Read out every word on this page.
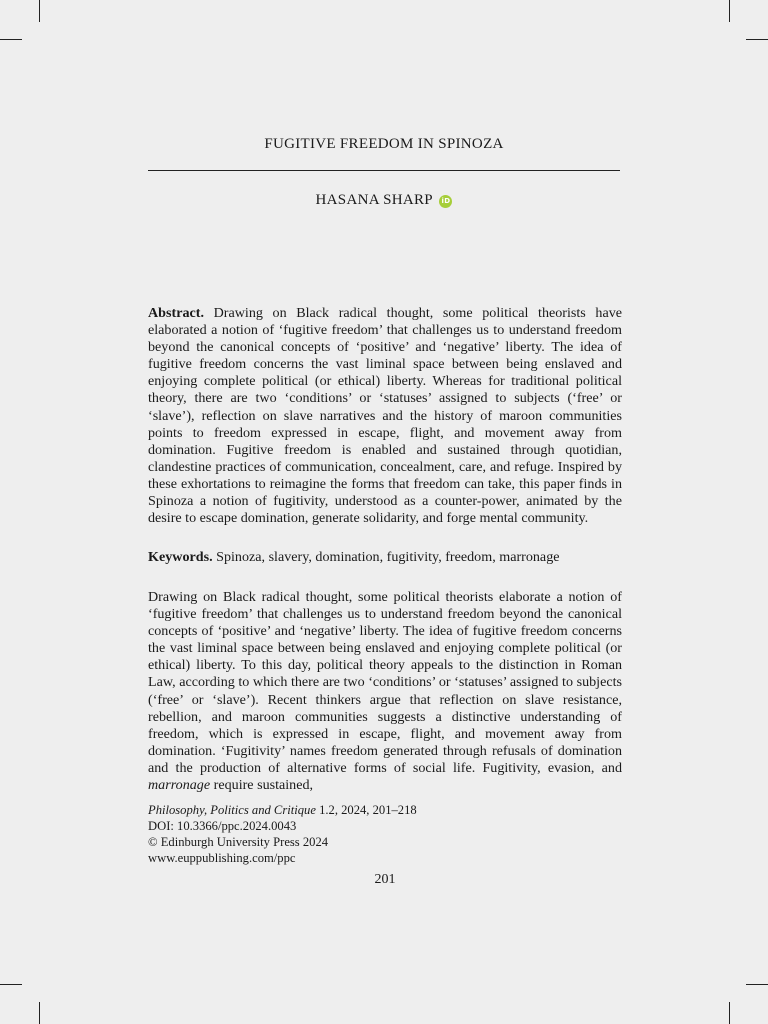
FUGITIVE FREEDOM IN SPINOZA
HASANA SHARP iD
Abstract. Drawing on Black radical thought, some political theorists have elaborated a notion of ‘fugitive freedom’ that challenges us to understand freedom beyond the canonical concepts of ‘positive’ and ‘negative’ liberty. The idea of fugitive freedom concerns the vast liminal space between being enslaved and enjoying complete political (or ethical) liberty. Whereas for traditional political theory, there are two ‘conditions’ or ‘statuses’ assigned to subjects (‘free’ or ‘slave’), reflection on slave narratives and the history of maroon communities points to freedom expressed in escape, flight, and movement away from domination. Fugitive freedom is enabled and sustained through quotidian, clandestine practices of communication, concealment, care, and refuge. Inspired by these exhortations to reimagine the forms that freedom can take, this paper finds in Spinoza a notion of fugitivity, understood as a counter-power, animated by the desire to escape domination, generate solidarity, and forge mental community.
Keywords. Spinoza, slavery, domination, fugitivity, freedom, marronage
Drawing on Black radical thought, some political theorists elaborate a notion of ‘fugitive freedom’ that challenges us to understand freedom beyond the canonical concepts of ‘positive’ and ‘negative’ liberty. The idea of fugitive freedom concerns the vast liminal space between being enslaved and enjoying complete political (or ethical) liberty. To this day, political theory appeals to the distinction in Roman Law, according to which there are two ‘conditions’ or ‘statuses’ assigned to subjects (‘free’ or ‘slave’). Recent thinkers argue that reflection on slave resistance, rebellion, and maroon communities suggests a distinctive understanding of freedom, which is expressed in escape, flight, and movement away from domination. ‘Fugitivity’ names freedom generated through refusals of domination and the production of alternative forms of social life. Fugitivity, evasion, and marronage require sustained,
Philosophy, Politics and Critique 1.2, 2024, 201–218
DOI: 10.3366/ppc.2024.0043
© Edinburgh University Press 2024
www.euppublishing.com/ppc
201
